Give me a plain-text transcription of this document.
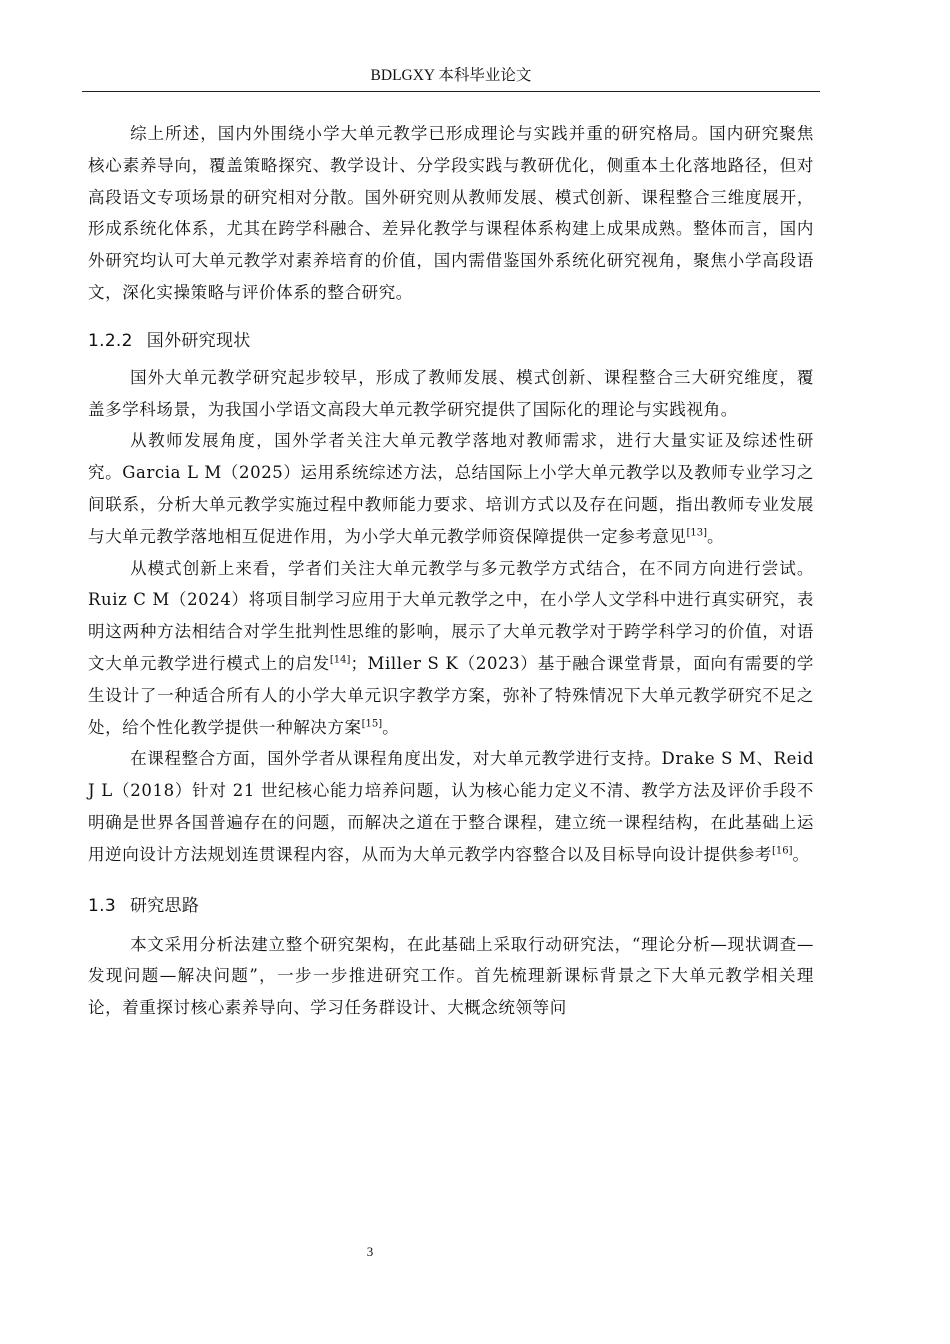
BDLGXY 本科毕业论文

综上所述，国内外围绕小学大单元教学已形成理论与实践并重的研究格局。国内研究聚焦核心素养导向，覆盖策略探究、教学设计、分学段实践与教研优化，侧重本土化落地路径，但对高段语文专项场景的研究相对分散。国外研究则从教师发展、模式创新、课程整合三维度展开，形成系统化体系，尤其在跨学科融合、差异化教学与课程体系构建上成果成熟。整体而言，国内外研究均认可大单元教学对素养培育的价值，国内需借鉴国外系统化研究视角，聚焦小学高段语文，深化实操策略与评价体系的整合研究。

1.2.2 国外研究现状

国外大单元教学研究起步较早，形成了教师发展、模式创新、课程整合三大研究维度，覆盖多学科场景，为我国小学语文高段大单元教学研究提供了国际化的理论与实践视角。

从教师发展角度，国外学者关注大单元教学落地对教师需求，进行大量实证及综述性研究。Garcia L M（2025）运用系统综述方法，总结国际上小学大单元教学以及教师专业学习之间联系，分析大单元教学实施过程中教师能力要求、培训方式以及存在问题，指出教师专业发展与大单元教学落地相互促进作用，为小学大单元教学师资保障提供一定参考意见[13]。

从模式创新上来看，学者们关注大单元教学与多元教学方式结合，在不同方向进行尝试。Ruiz C M（2024）将项目制学习应用于大单元教学之中，在小学人文学科中进行真实研究，表明这两种方法相结合对学生批判性思维的影响，展示了大单元教学对于跨学科学习的价值，对语文大单元教学进行模式上的启发[14]；Miller S K（2023）基于融合课堂背景，面向有需要的学生设计了一种适合所有人的小学大单元识字教学方案，弥补了特殊情况下大单元教学研究不足之处，给个性化教学提供一种解决方案[15]。

在课程整合方面，国外学者从课程角度出发，对大单元教学进行支持。Drake S M、Reid J L（2018）针对 21 世纪核心能力培养问题，认为核心能力定义不清、教学方法及评价手段不明确是世界各国普遍存在的问题，而解决之道在于整合课程，建立统一课程结构，在此基础上运用逆向设计方法规划连贯课程内容，从而为大单元教学内容整合以及目标导向设计提供参考[16]。

1.3 研究思路

本文采用分析法建立整个研究架构，在此基础上采取行动研究法，“理论分析—现状调查—发现问题—解决问题”，一步一步推进研究工作。首先梳理新课标背景之下大单元教学相关理论，着重探讨核心素养导向、学习任务群设计、大概念统领等问

3
